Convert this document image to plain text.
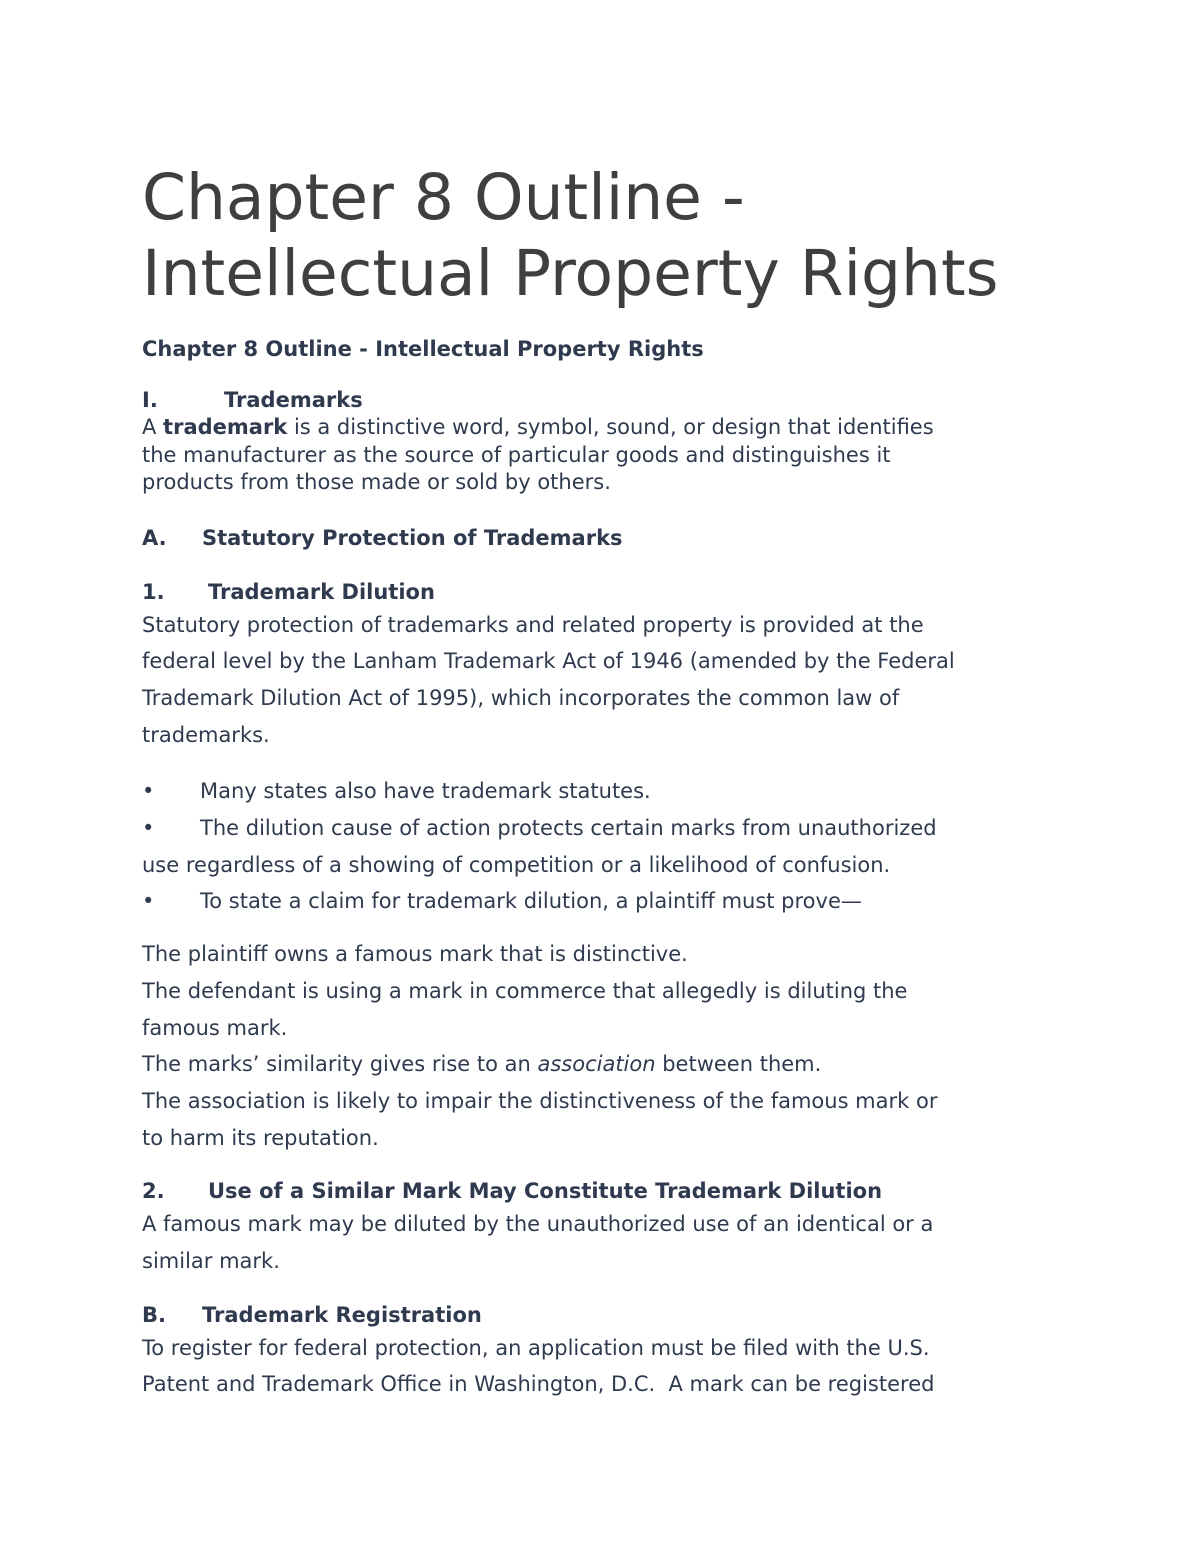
Chapter 8 Outline - Intellectual Property Rights

Chapter 8 Outline - Intellectual Property Rights

I.	Trademarks

A trademark is a distinctive word, symbol, sound, or design that identifies

the manufacturer as the source of particular goods and distinguishes it

products from those made or sold by others.

A.	Statutory Protection of Trademarks
1.	Trademark Dilution

Statutory protection of trademarks and related property is provided at the

federal level by the Lanham Trademark Act of 1946 (amended by the Federal

Trademark Dilution Act of 1995), which incorporates the common law of

trademarks.

• Many states also have trademark statutes.

• The dilution cause of action protects certain marks from unauthorized

use regardless of a showing of competition or a likelihood of confusion.

• To state a claim for trademark dilution, a plaintiff must prove—

The plaintiff owns a famous mark that is distinctive.

The defendant is using a mark in commerce that allegedly is diluting the

famous mark.

The marks’ similarity gives rise to an association between them.

The association is likely to impair the distinctiveness of the famous mark or

to harm its reputation.

2.	Use of a Similar Mark May Constitute Trademark Dilution

A famous mark may be diluted by the unauthorized use of an identical or a

similar mark.

B.	Trademark Registration

To register for federal protection, an application must be filed with the U.S.

Patent and Trademark Office in Washington, D.C.  A mark can be registered
